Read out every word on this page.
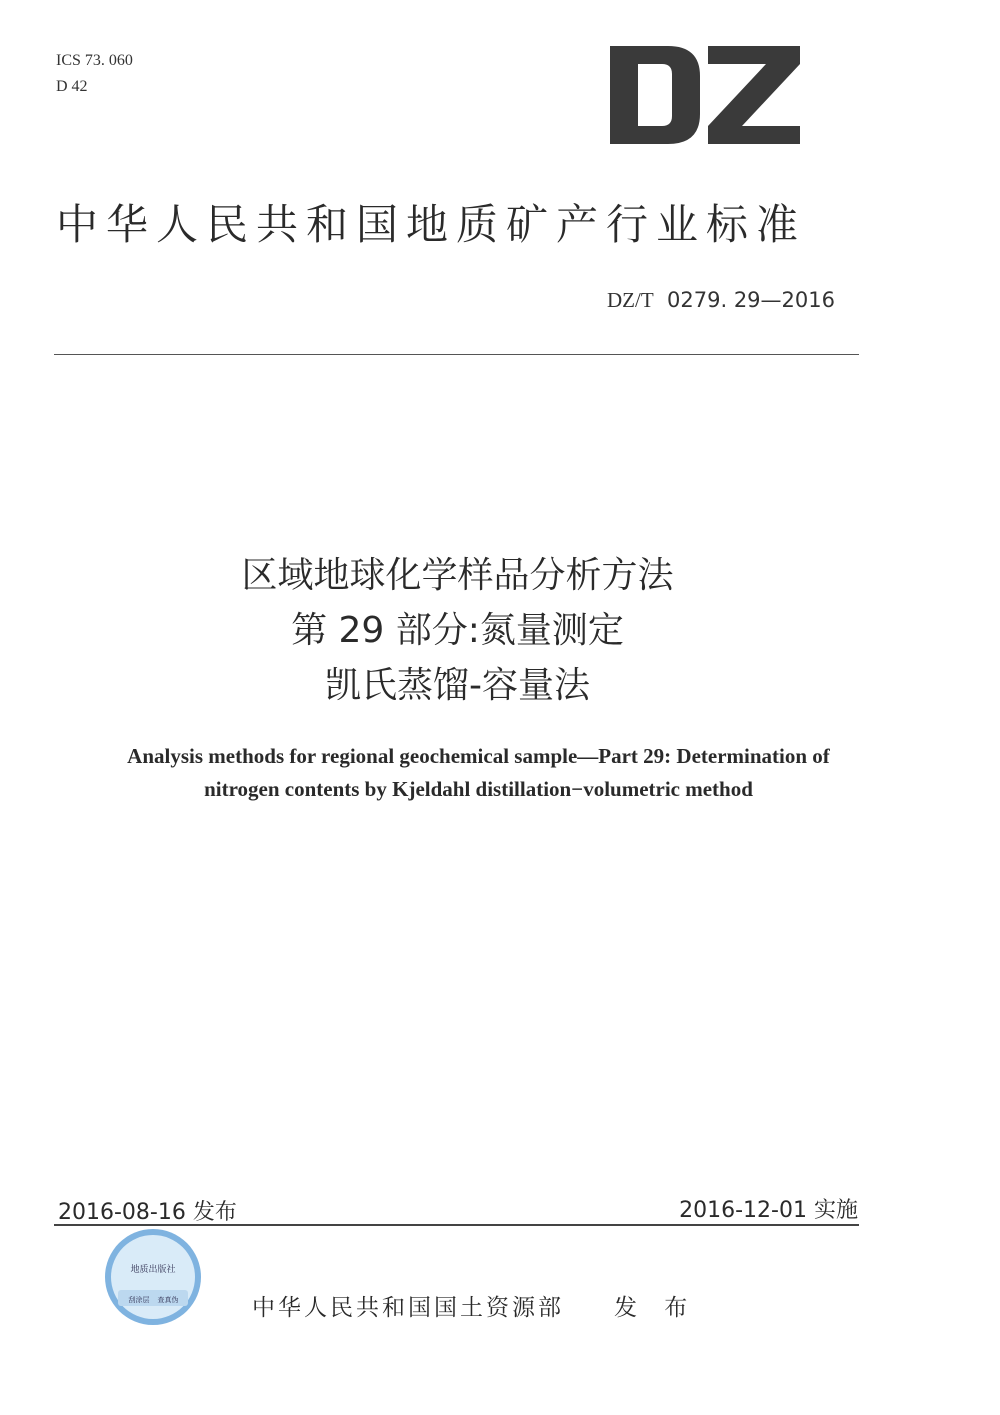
ICS 73. 060
D 42
中华人民共和国地质矿产行业标准
DZ/T 0279. 29—2016
区域地球化学样品分析方法
第 29 部分:氮量测定
凯氏蒸馏-容量法
Analysis methods for regional geochemical sample—Part 29: Determination of
nitrogen contents by Kjeldahl distillation−volumetric method
2016-08-16 发布	2016-12-01 实施
地质出版社
刮涂层 查真伪	中华人民共和国国土资源部 发 布
